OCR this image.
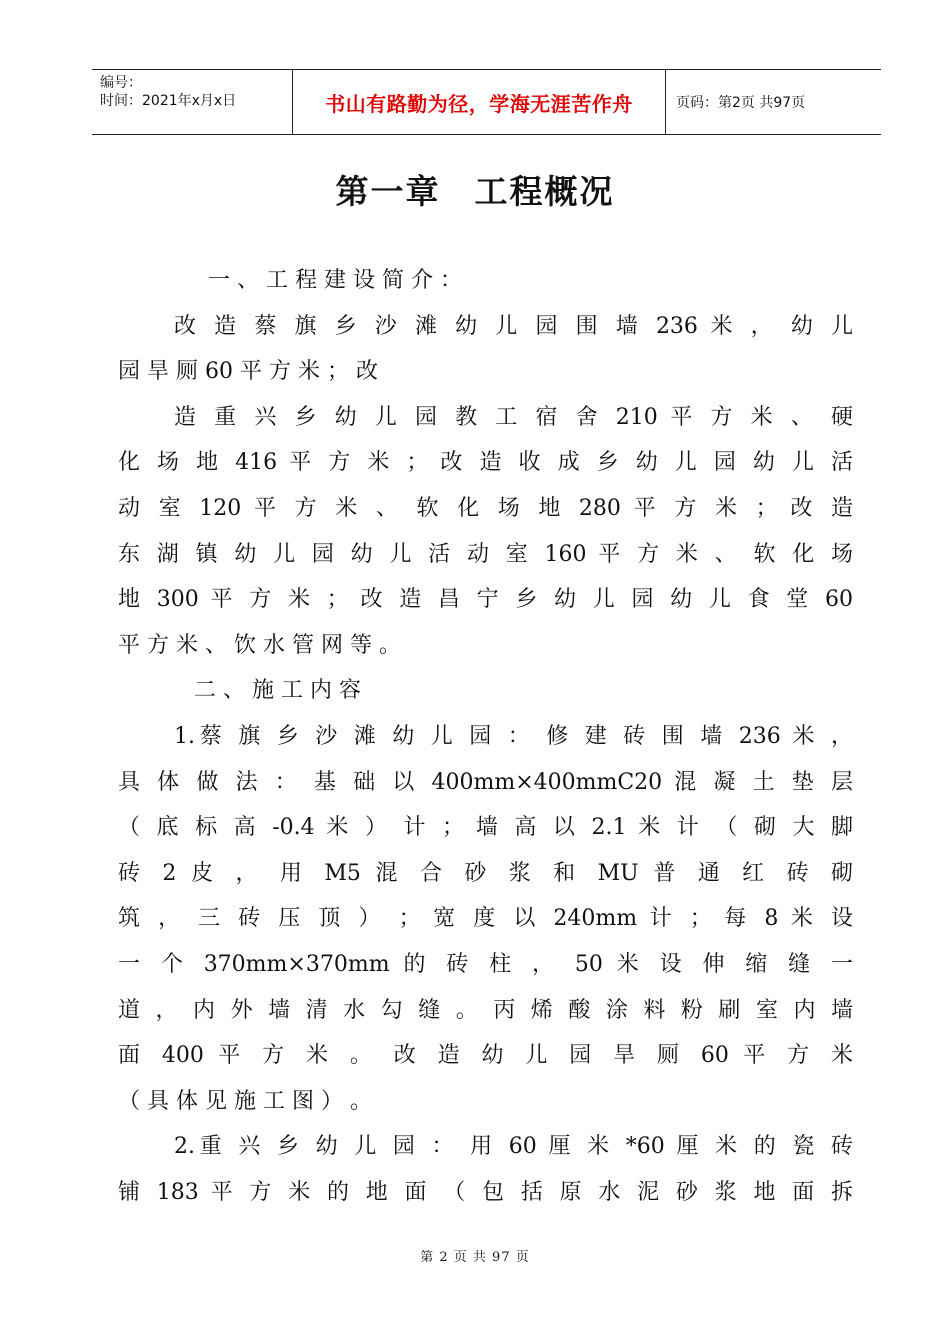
编号：
时间：2021年x月x日	书山有路勤为径，学海无涯苦作舟	页码：第2页 共97页
第一章 工程概况
一 、 工 程 建 设 简 介 ：
改 造 蔡 旗 乡 沙 滩 幼 儿 园 围 墙 236 米 ， 幼 儿
园 旱 厕 60 平 方 米 ； 改
造 重 兴 乡 幼 儿 园 教 工 宿 舍 210 平 方 米 、 硬
化 场 地 416 平 方 米 ； 改 造 收 成 乡 幼 儿 园 幼 儿 活
动 室 120 平 方 米 、 软 化 场 地 280 平 方 米 ； 改 造
东 湖 镇 幼 儿 园 幼 儿 活 动 室 160 平 方 米 、 软 化 场
地 300 平 方 米 ； 改 造 昌 宁 乡 幼 儿 园 幼 儿 食 堂 60
平 方 米 、 饮 水 管 网 等 。
二 、 施 工 内 容
1.蔡 旗 乡 沙 滩 幼 儿 园 ： 修 建 砖 围 墙 236 米 ，
具 体 做 法 ： 基 础 以 400mm×400mmC20 混 凝 土 垫 层
（ 底 标 高 -0.4 米 ） 计 ； 墙 高 以 2.1 米 计 （ 砌 大 脚
砖 2 皮 ， 用 M5 混 合 砂 浆 和 MU 普 通 红 砖 砌
筑 ， 三 砖 压 顶 ） ； 宽 度 以 240mm 计 ； 每 8 米 设
一 个 370mm×370mm 的 砖 柱 ， 50 米 设 伸 缩 缝 一
道 ， 内 外 墙 清 水 勾 缝 。 丙 烯 酸 涂 料 粉 刷 室 内 墙
面 400 平 方 米 。 改 造 幼 儿 园 旱 厕 60 平 方 米
（ 具 体 见 施 工 图 ） 。
2.重 兴 乡 幼 儿 园 ： 用 60 厘 米 *60 厘 米 的 瓷 砖
铺 183 平 方 米 的 地 面 （ 包 括 原 水 泥 砂 浆 地 面 拆
第 2 页 共 97 页
